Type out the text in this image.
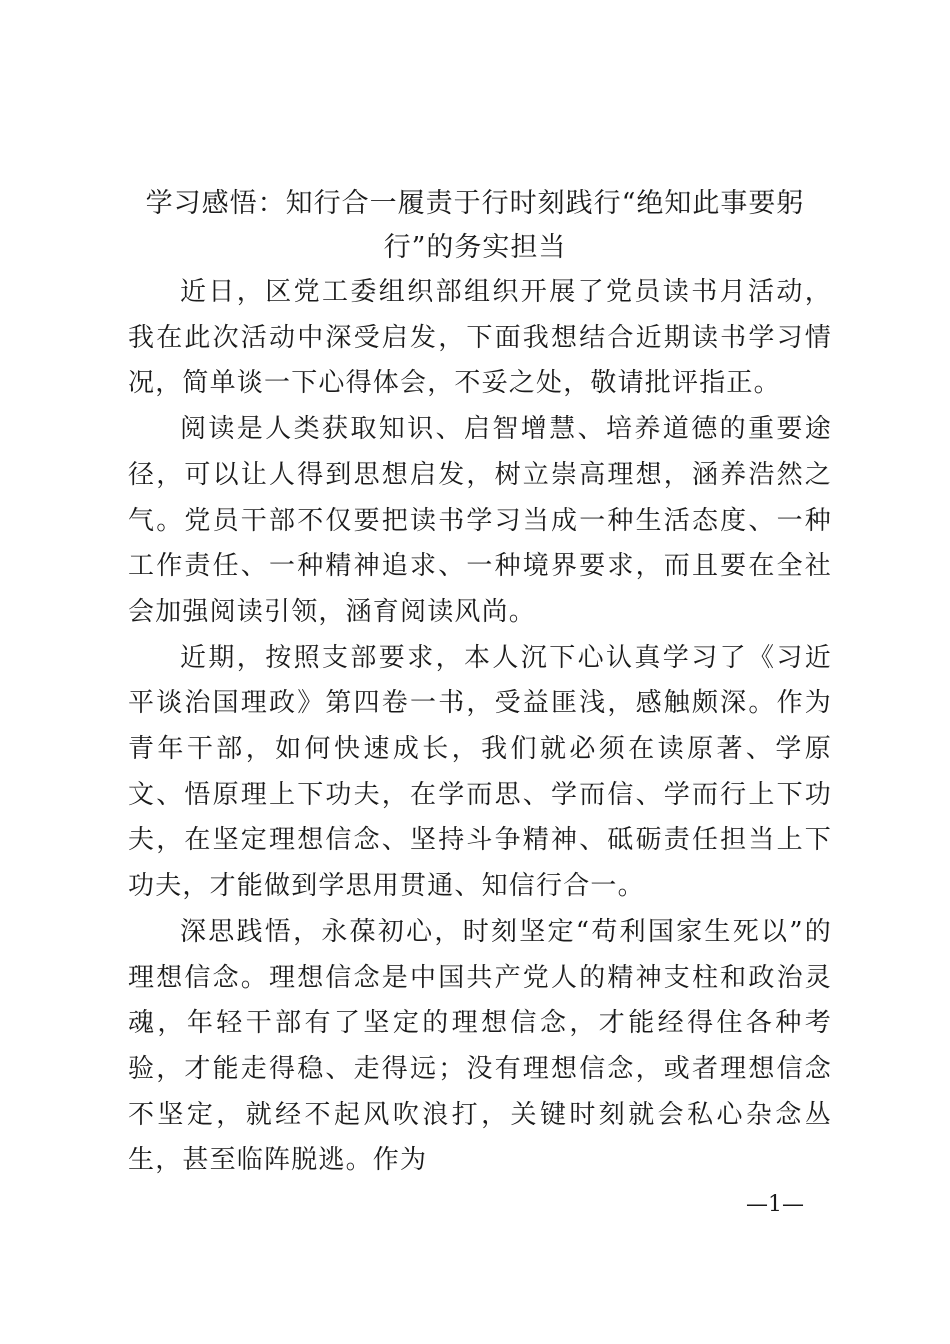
学习感悟：知行合一履责于行时刻践行“绝知此事要躬行”的务实担当

近日，区党工委组织部组织开展了党员读书月活动，我在此次活动中深受启发，下面我想结合近期读书学习情况，简单谈一下心得体会，不妥之处，敬请批评指正。

阅读是人类获取知识、启智增慧、培养道德的重要途径，可以让人得到思想启发，树立崇高理想，涵养浩然之气。党员干部不仅要把读书学习当成一种生活态度、一种工作责任、一种精神追求、一种境界要求，而且要在全社会加强阅读引领，涵育阅读风尚。

近期，按照支部要求，本人沉下心认真学习了《习近平谈治国理政》第四卷一书，受益匪浅，感触颇深。作为青年干部，如何快速成长，我们就必须在读原著、学原文、悟原理上下功夫，在学而思、学而信、学而行上下功夫，在坚定理想信念、坚持斗争精神、砥砺责任担当上下功夫，才能做到学思用贯通、知信行合一。

深思践悟，永葆初心，时刻坚定“苟利国家生死以”的理想信念。理想信念是中国共产党人的精神支柱和政治灵魂，年轻干部有了坚定的理想信念，才能经得住各种考验，才能走得稳、走得远；没有理想信念，或者理想信念不坚定，就经不起风吹浪打，关键时刻就会私心杂念丛生，甚至临阵脱逃。作为

—1—
